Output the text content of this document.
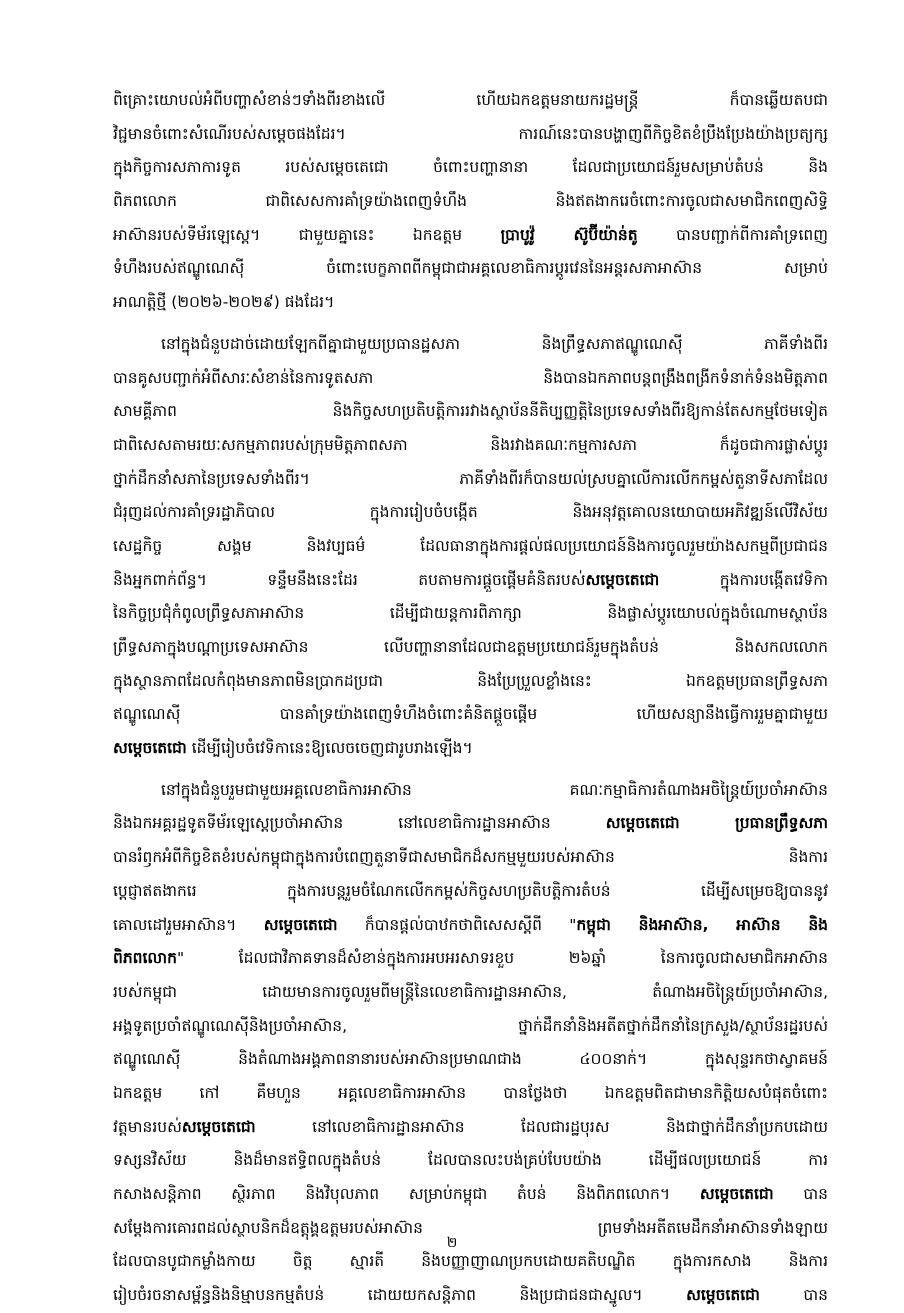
ពិគ្រោះយោបល់អំពីបញ្ហាសំខាន់ៗទាំងពីរខាងលើ ហើយឯកឧត្តមនាយករដ្ឋមន្ត្រី ក៏បានឆ្លើយតបជា
វិជ្ជមានចំពោះសំណើរបស់សម្តេចផងដែរ។ ការណ៍នេះបានបង្ហាញពីកិច្ចខិតខំប្រឹងប្រែងយ៉ាងប្រត្យក្ស
ក្នុងកិច្ចការសភាការទូត របស់សម្តេចតេជោ ចំពោះបញ្ហានានា ដែលជាប្រយោជន៍រួមសម្រាប់តំបន់ និង
ពិភពលោក ជាពិសេសការគាំទ្រយ៉ាងពេញទំហឹង និងឥតងាករេចំពោះការចូលជាសមាជិកពេញសិទ្ធិ
អាស៊ានរបស់ទីម័រឡេស្តេ។ ជាមួយគ្នានេះ ឯកឧត្តម ប្រាបូវ៉ូ ស៊ូប៊ីយ៉ាន់តូ បានបញ្ជាក់ពីការគាំទ្រពេញ
ទំហឹងរបស់ឥណ្ឌូណេស៊ី ចំពោះបេក្ខភាពពីកម្ពុជាជាអគ្គលេខាធិការប្តូរវេននៃអន្តរសភាអាស៊ាន សម្រាប់
អាណត្តិថ្មី (២០២៦-២០២៩) ផងដែរ។
នៅក្នុងជំនួបដាច់ដោយឡែកពីគ្នាជាមួយប្រធានដ្ឋសភា និងព្រឹទ្ធសភាឥណ្ឌូណេស៊ី ភាគីទាំងពីរ
បានគូសបញ្ជាក់អំពីសារៈសំខាន់នៃការទូតសភា និងបានឯកភាពបន្តពង្រឹងពង្រីកទំនាក់ទំនងមិត្តភាព
សាមគ្គីភាព និងកិច្ចសហប្រតិបត្តិការរវាងស្ថាប័ននីតិប្បញ្ញត្តិនៃប្រទេសទាំងពីរឱ្យកាន់តែសកម្មថែមទៀត
ជាពិសេសតាមរយៈសកម្មភាពរបស់ក្រុមមិត្តភាពសភា និងរវាងគណៈកម្មការសភា ក៏ដូចជាការផ្លាស់ប្តូរ
ថ្នាក់ដឹកនាំសភានៃប្រទេសទាំងពីរ។ ភាគីទាំងពីរក៏បានយល់ស្របគ្នាលើការលើកកម្ពស់តួនាទីសភាដែល
ជំរុញដល់ការគាំទ្ររដ្ឋាភិបាល ក្នុងការរៀបចំបង្កើត និងអនុវត្តគោលនយោបាយអភិវឌ្ឍន៍លើវិស័យ
សេដ្ឋកិច្ច សង្គម និងវប្បធម៌ ដែលធានាក្នុងការផ្តល់ផលប្រយោជន៍និងការចូលរួមយ៉ាងសកម្មពីប្រជាជន
និងអ្នកពាក់ព័ន្ធ។ ទន្ទឹមនឹងនេះដែរ តបតាមការផ្តួចផ្តើមគំនិតរបស់សម្តេចតេជោ ក្នុងការបង្កើតវេទិកា
នៃកិច្ចប្រជុំកំពូលព្រឹទ្ធសភាអាស៊ាន ដើម្បីជាយន្តការពិភាក្សា និងផ្លាស់ប្តូរយោបល់ក្នុងចំណោមស្ថាប័ន
ព្រឹទ្ធសភាក្នុងបណ្តាប្រទេសអាស៊ាន លើបញ្ហានានាដែលជាឧត្តមប្រយោជន៍រួមក្នុងតំបន់ និងសកលលោក
ក្នុងស្ថានភាពដែលកំពុងមានភាពមិនប្រាកដប្រជា និងប្រែប្រួលខ្លាំងនេះ ឯកឧត្តមប្រធានព្រឹទ្ធសភា
ឥណ្ឌូណេស៊ី បានគាំទ្រយ៉ាងពេញទំហឹងចំពោះគំនិតផ្តួចផ្តើម ហើយសន្យានឹងធ្វើការរួមគ្នាជាមួយ
សម្តេចតេជោ ដើម្បីរៀបចំវេទិកានេះឱ្យលេចចេញជារូបរាងឡើង។
នៅក្នុងជំនួបរួមជាមួយអគ្គលេខាធិការអាស៊ាន គណៈកម្មាធិការតំណាងអចិន្ត្រៃយ៍ប្រចាំអាស៊ាន
និងឯកអគ្គរដ្ឋទូតទីម័រឡេស្តេប្រចាំអាស៊ាន នៅលេខាធិការដ្ឋានអាស៊ាន សម្តេចតេជោ ប្រធានព្រឹទ្ធសភា
បានរំឭកអំពីកិច្ចខិតខំរបស់កម្ពុជាក្នុងការបំពេញតួនាទីជាសមាជិកដ៏សកម្មមួយរបស់អាស៊ាន និងការ
ប្តេជ្ញាឥតងាករេ ក្នុងការបន្តរួមចំណែកលើកកម្ពស់កិច្ចសហប្រតិបត្តិការតំបន់ ដើម្បីសម្រេចឱ្យបាននូវ
គោលដៅរួមអាស៊ាន។ សម្តេចតេជោ ក៏បានផ្តល់បាឋកថាពិសេសស្តីពី "កម្ពុជា និងអាស៊ាន, អាស៊ាន និង
ពិភពលោក" ដែលជាវិភាគទានដ៏សំខាន់ក្នុងការអបអរសាទរខួប ២៦ឆ្នាំ នៃការចូលជាសមាជិកអាស៊ាន
របស់កម្ពុជា ដោយមានការចូលរួមពីមន្ត្រីនៃលេខាធិការដ្ឋានអាស៊ាន, តំណាងអចិន្ត្រៃយ៍ប្រចាំអាស៊ាន,
អង្គទូតប្រចាំឥណ្ឌូណេស៊ីនិងប្រចាំអាស៊ាន, ថ្នាក់ដឹកនាំនិងអតីតថ្នាក់ដឹកនាំនៃក្រសួង/ស្ថាប័នរដ្ឋរបស់
ឥណ្ឌូណេស៊ី និងតំណាងអង្គភាពនានារបស់អាស៊ានប្រមាណជាង ៤០០នាក់។ ក្នុងសុន្ទរកថាស្វាគមន៍
ឯកឧត្តម កៅ គឹមហួន អគ្គលេខាធិការអាស៊ាន បានថ្លែងថា ឯកឧត្តមពិតជាមានកិត្តិយសបំផុតចំពោះ
វត្តមានរបស់សម្តេចតេជោ នៅលេខាធិការដ្ឋានអាស៊ាន ដែលជារដ្ឋបុរស និងជាថ្នាក់ដឹកនាំប្រកបដោយ
ទស្សនវិស័យ និងដ៏មានឥទ្ធិពលក្នុងតំបន់ ដែលបានលះបង់គ្រប់បែបយ៉ាង ដើម្បីផលប្រយោជន៍ ការ
កសាងសន្តិភាព ស្ថិរភាព និងវិបុលភាព សម្រាប់កម្ពុជា តំបន់ និងពិភពលោក។ សម្តេចតេជោ បាន
សម្តែងការគោរពដល់ស្ថាបនិកដ៏ឧត្តុង្គឧត្តមរបស់អាស៊ាន ព្រមទាំងអតីតមេដឹកនាំអាស៊ានទាំងឡាយ
ដែលបានបូជាកម្លាំងកាយ ចិត្ត ស្មារតី និងបញ្ញាញាណប្រកបដោយគតិបណ្ឌិត ក្នុងការកសាង និងការ
រៀបចំរចនាសម្ព័ន្ធនិងនិម្មាបនកម្មតំបន់ ដោយយកសន្តិភាព និងប្រជាជនជាស្នូល។ សម្តេចតេជោ បាន
២
